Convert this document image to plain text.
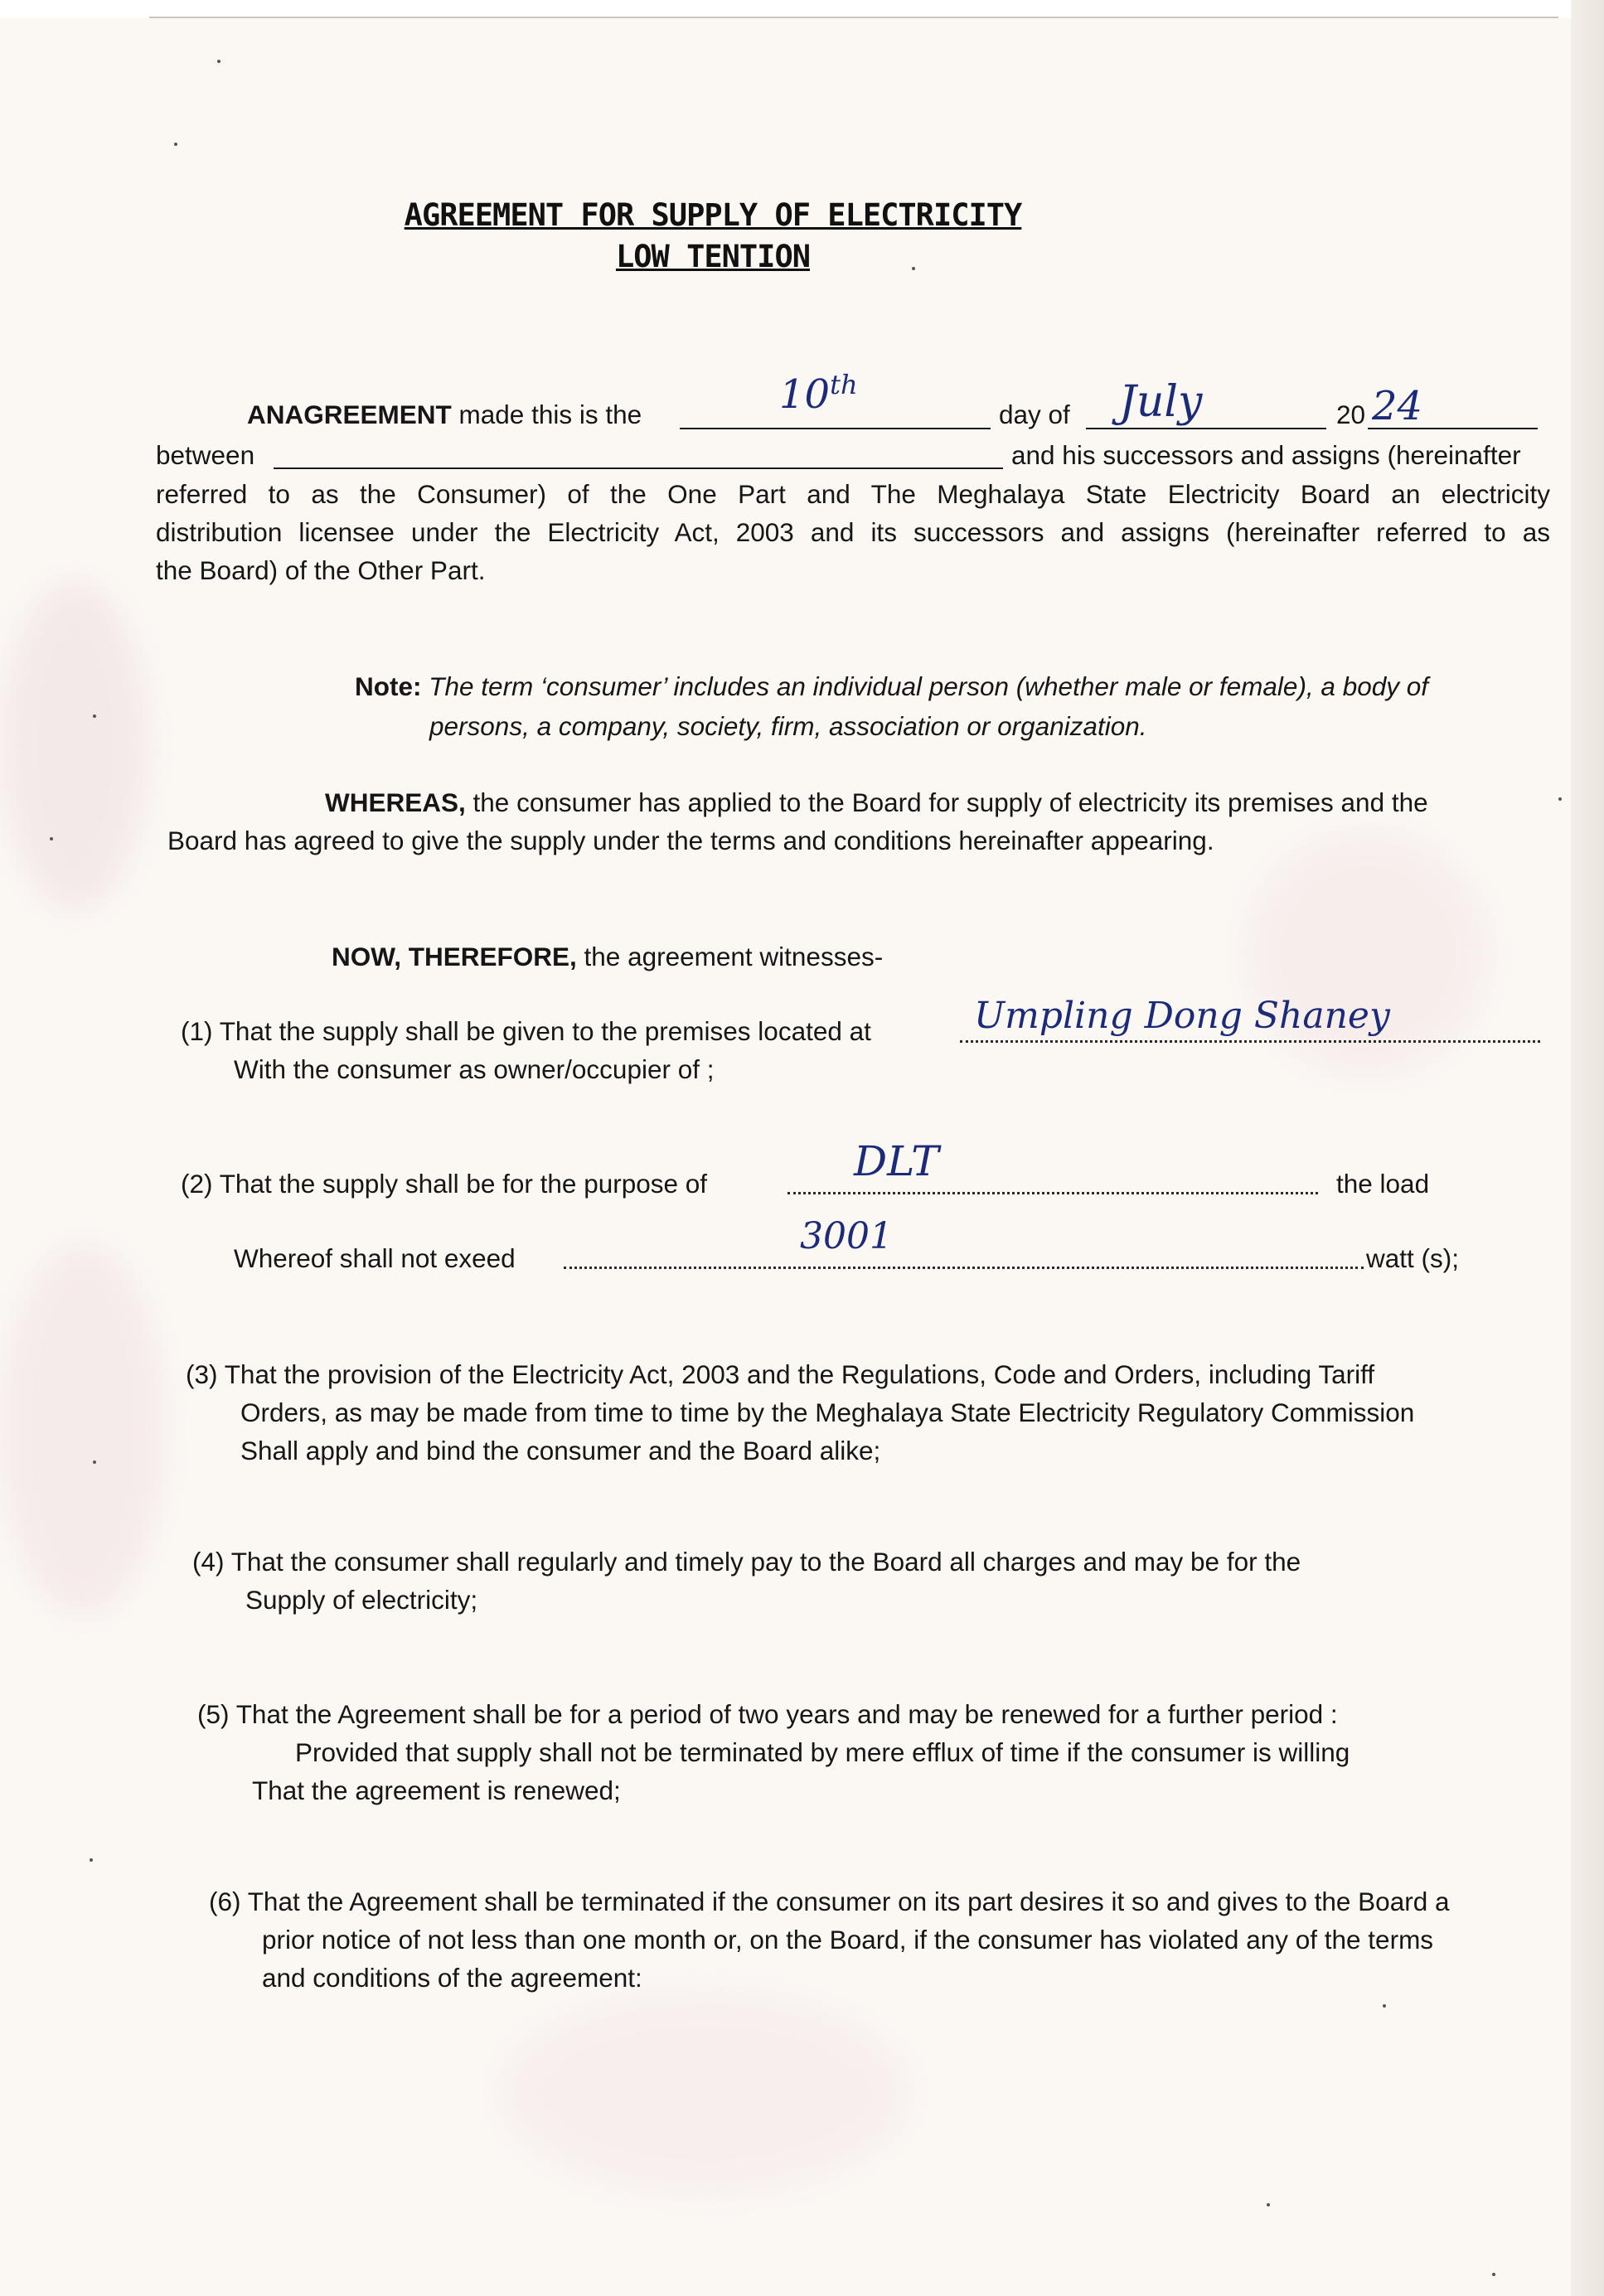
AGREEMENT FOR SUPPLY OF ELECTRICITY
LOW TENTION
ANAGREEMENT made this is the	10th
day of July	20 24
between	and his successors and assigns (hereinafter
referred to as the Consumer) of the One Part and The Meghalaya State Electricity Board an electricity
distribution licensee under the Electricity Act, 2003 and its successors and assigns (hereinafter referred to as
the Board) of the Other Part.
Note: The term ‘consumer’ includes an individual person (whether male or female), a body of
persons, a company, society, firm, association or organization.
WHEREAS, the consumer has applied to the Board for supply of electricity its premises and the
Board has agreed to give the supply under the terms and conditions hereinafter appearing.
NOW, THEREFORE, the agreement witnesses-
(1) That the supply shall be given to the premises located at	Umpling Dong Shaney
With the consumer as owner/occupier of ;
(2) That the supply shall be for the purpose of	DLT	the load
Whereof shall not exeed
3001
watt (s);
(3) That the provision of the Electricity Act, 2003 and the Regulations, Code and Orders, including Tariff
Orders, as may be made from time to time by the Meghalaya State Electricity Regulatory Commission
Shall apply and bind the consumer and the Board alike;
(4) That the consumer shall regularly and timely pay to the Board all charges and may be for the
Supply of electricity;
(5) That the Agreement shall be for a period of two years and may be renewed for a further period :
Provided that supply shall not be terminated by mere efflux of time if the consumer is willing
That the agreement is renewed;
(6) That the Agreement shall be terminated if the consumer on its part desires it so and gives to the Board a
prior notice of not less than one month or, on the Board, if the consumer has violated any of the terms
and conditions of the agreement:
